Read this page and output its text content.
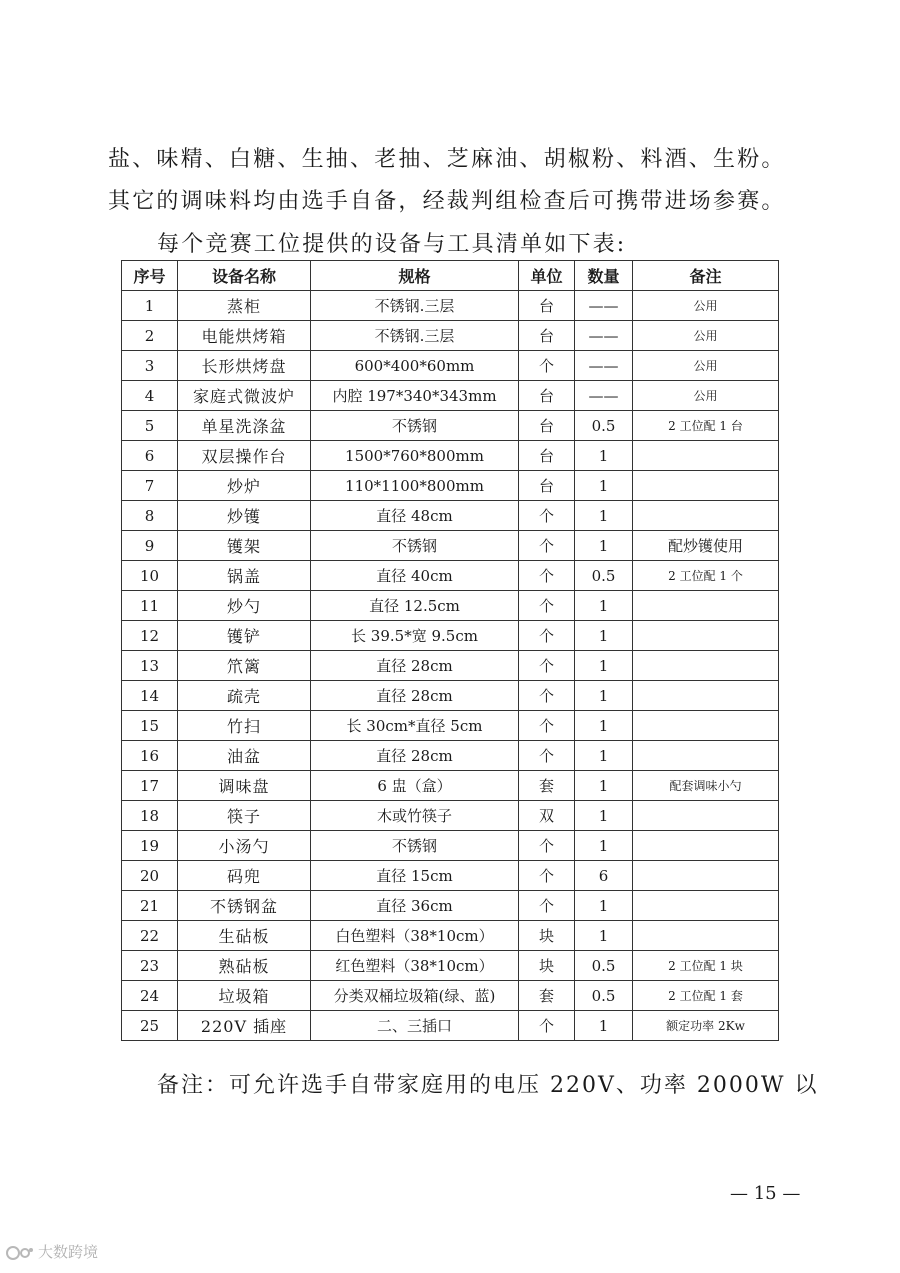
盐、味精、白糖、生抽、老抽、芝麻油、胡椒粉、料酒、生粉。
其它的调味料均由选手自备，经裁判组检查后可携带进场参赛。
每个竞赛工位提供的设备与工具清单如下表:
序号	设备名称	规格	单位	数量	备注
1	蒸柜	不锈钢.三层	台	——	公用
2	电能烘烤箱	不锈钢.三层	台	——	公用
3	长形烘烤盘	600*400*60mm	个	——	公用
4	家庭式微波炉	内腔 197*340*343mm	台	——	公用
5	单星洗涤盆	不锈钢	台	0.5	2 工位配 1 台
6	双层操作台	1500*760*800mm	台	1	
7	炒炉	110*1100*800mm	台	1	
8	炒镬	直径 48cm	个	1	
9	镬架	不锈钢	个	1	配炒镬使用
10	锅盖	直径 40cm	个	0.5	2 工位配 1 个
11	炒勺	直径 12.5cm	个	1	
12	镬铲	长 39.5*宽 9.5cm	个	1	
13	笊篱	直径 28cm	个	1	
14	疏壳	直径 28cm	个	1	
15	竹扫	长 30cm*直径 5cm	个	1	
16	油盆	直径 28cm	个	1	
17	调味盘	6 盅（盒）	套	1	配套调味小勺
18	筷子	木或竹筷子	双	1	
19	小汤勺	不锈钢	个	1	
20	码兜	直径 15cm	个	6	
21	不锈钢盆	直径 36cm	个	1	
22	生砧板	白色塑料（38*10cm）	块	1	
23	熟砧板	红色塑料（38*10cm）	块	0.5	2 工位配 1 块
24	垃圾箱	分类双桶垃圾箱(绿、蓝)	套	0.5	2 工位配 1 套
25	220V 插座	二、三插口	个	1	额定功率 2Kw
备注：可允许选手自带家庭用的电压 220V、功率 2000W 以
— 15 —
大数跨境
